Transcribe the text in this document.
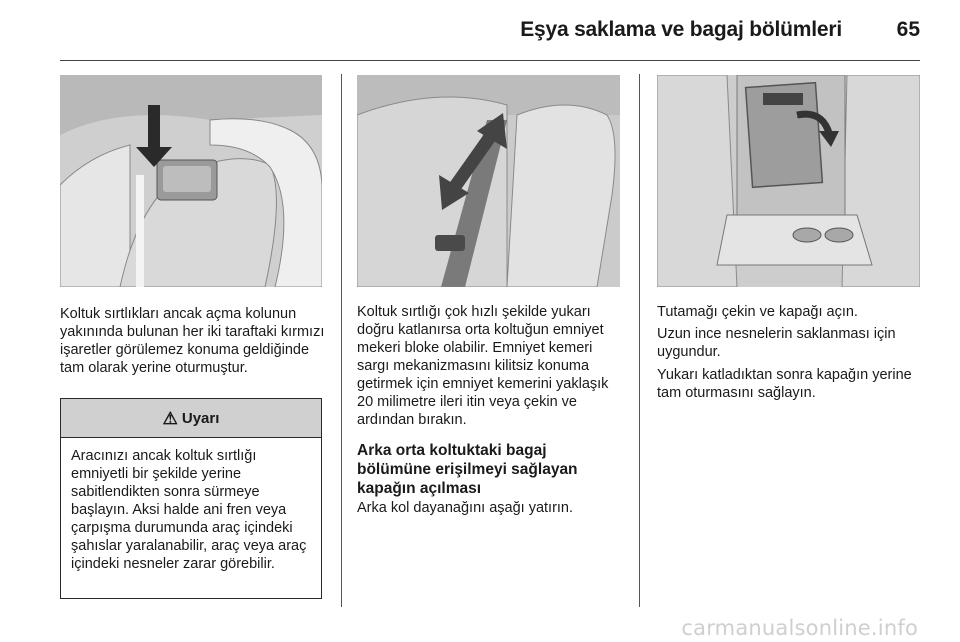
Eşya saklama ve bagaj bölümleri	65
Koltuk sırtlıkları ancak açma kolunun yakınında bulunan her iki taraftaki kırmızı işaretler görülemez konuma geldiğinde tam olarak yerine oturmuştur.
⚠ Uyarı
Aracınızı ancak koltuk sırtlığı emniyetli bir şekilde yerine sabitlendikten sonra sürmeye başlayın. Aksi halde ani fren veya çarpışma durumunda araç içindeki şahıslar yaralanabilir, araç veya araç içindeki nesneler zarar görebilir.
Koltuk sırtlığı çok hızlı şekilde yukarı doğru katlanırsa orta koltuğun emniyet mekeri bloke olabilir. Emniyet kemeri sargı mekanizmasını kilitsiz konuma getirmek için emniyet kemerini yaklaşık 20 milimetre ileri itin veya çekin ve ardından bırakın.
Arka orta koltuktaki bagaj bölümüne erişilmeyi sağlayan kapağın açılması
Arka kol dayanağını aşağı yatırın.
Tutamağı çekin ve kapağı açın.
Uzun ince nesnelerin saklanması için uygundur.
Yukarı katladıktan sonra kapağın yerine tam oturmasını sağlayın.
carmanualsonline.info
